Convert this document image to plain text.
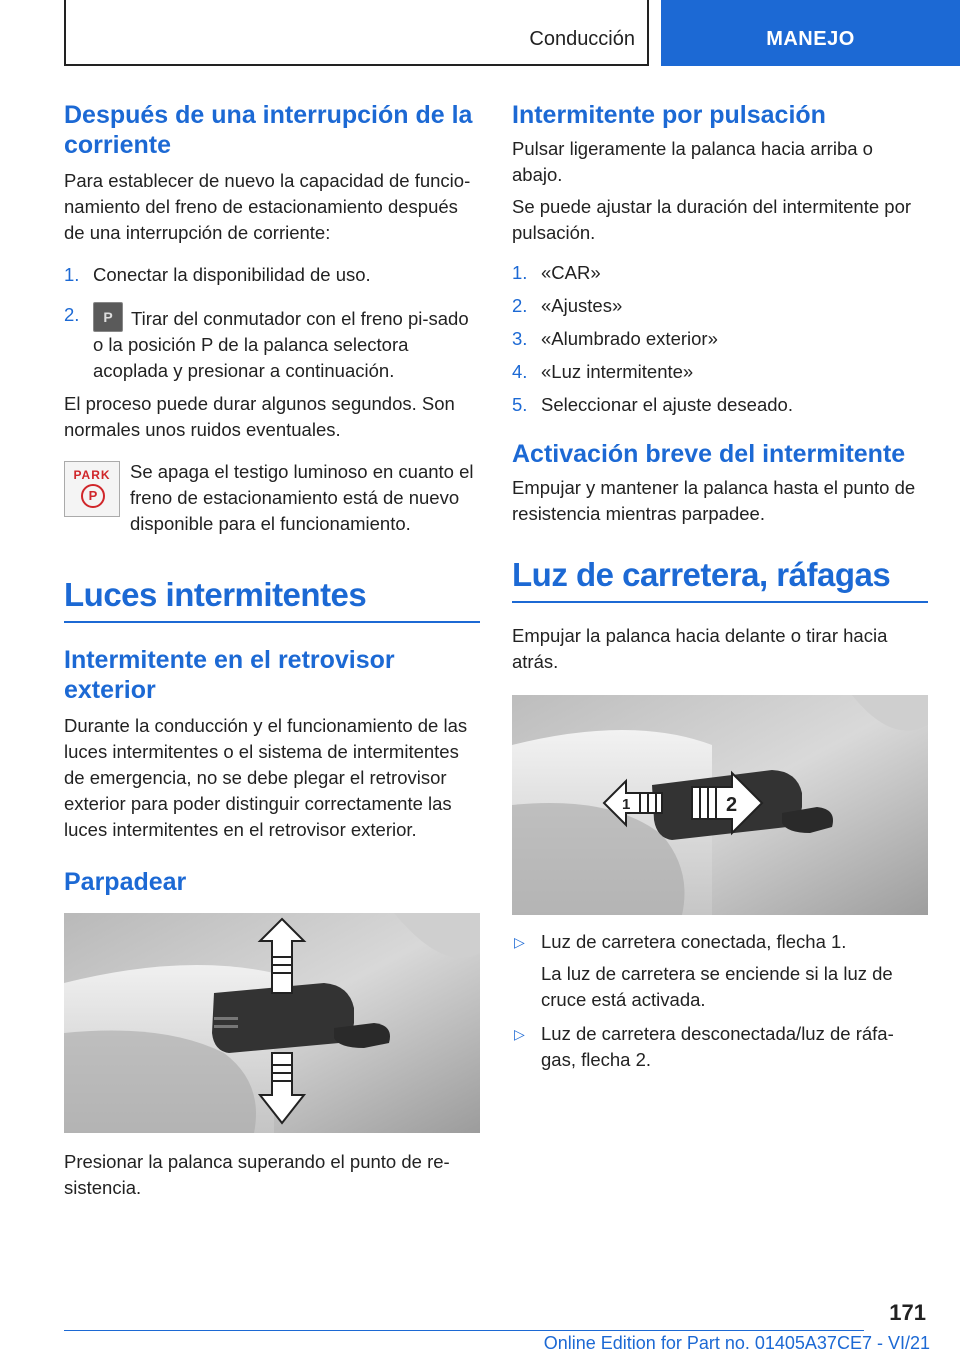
Conducción	MANEJO
Después de una interrupción de la corriente

Para establecer de nuevo la capacidad de funcio-namiento del freno de estacionamiento después de una interrupción de corriente:

1. Conectar la disponibilidad de uso.
2.
P	Tirar del conmutador con el freno pi-sado o la posición P de la palanca selectora acoplada y presionar a continuación.

El proceso puede durar algunos segundos. Son normales unos ruidos eventuales.

PARK
P

Se apaga el testigo luminoso en cuanto el freno de estacionamiento está de nuevo disponible para el funcionamiento.

Luces intermitentes
Intermitente en el retrovisor exterior

Durante la conducción y el funcionamiento de las luces intermitentes o el sistema de intermitentes de emergencia, no se debe plegar el retrovisor exterior para poder distinguir correctamente las luces intermitentes en el retrovisor exterior.

Parpadear

Presionar la palanca superando el punto de re-sistencia.

Intermitente por pulsación

Pulsar ligeramente la palanca hacia arriba o abajo.

Se puede ajustar la duración del intermitente por pulsación.

1. «CAR»
2. «Ajustes»
3. «Alumbrado exterior»
4. «Luz intermitente»
5. Seleccionar el ajuste deseado.
Activación breve del intermitente

Empujar y mantener la palanca hasta el punto de resistencia mientras parpadee.

Luz de carretera, ráfagas

Empujar la palanca hacia delante o tirar hacia atrás.

1	2
▷ Luz de carretera conectada, flecha 1.
La luz de carretera se enciende si la luz de cruce está activada.
▷ Luz de carretera desconectada/luz de ráfa-gas, flecha 2.
171
Online Edition for Part no. 01405A37CE7 - VI/21
